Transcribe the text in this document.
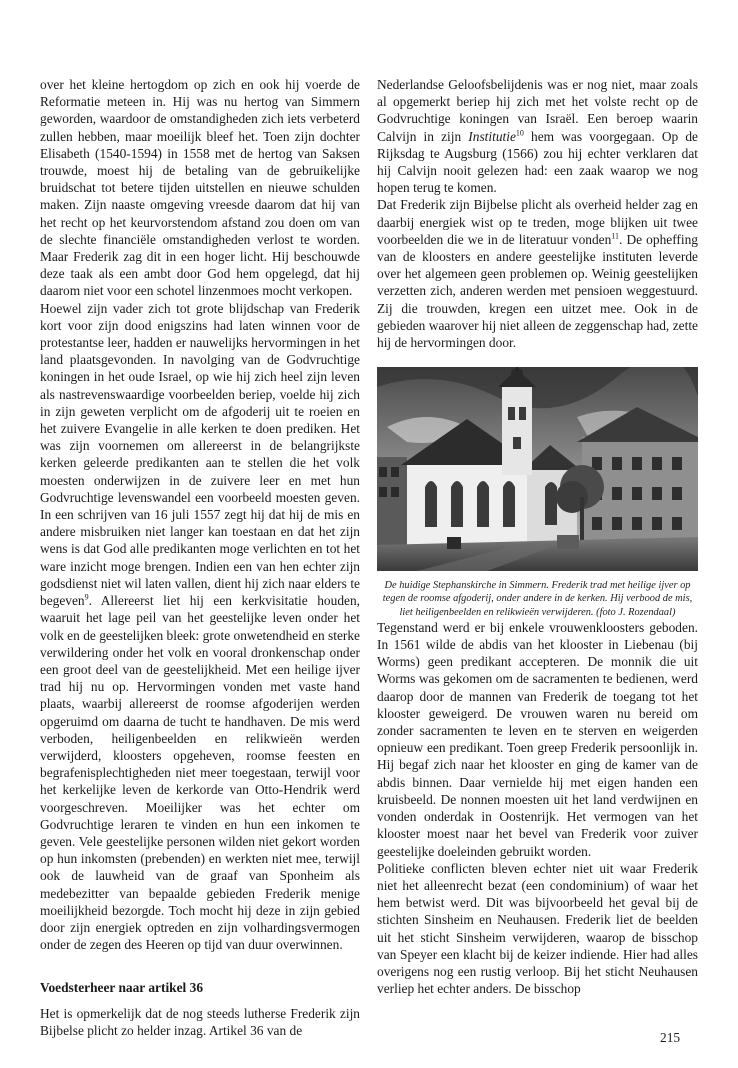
over het kleine hertogdom op zich en ook hij voerde de Reformatie meteen in. Hij was nu hertog van Simmern geworden, waardoor de omstandigheden zich iets verbeterd zullen hebben, maar moeilijk bleef het. Toen zijn dochter Elisabeth (1540-1594) in 1558 met de hertog van Saksen trouwde, moest hij de betaling van de gebruikelijke bruidschat tot betere tijden uitstellen en nieuwe schulden maken. Zijn naaste omgeving vreesde daarom dat hij van het recht op het keurvorstendom afstand zou doen om van de slechte financiële omstandigheden verlost te worden. Maar Frederik zag dit in een hoger licht. Hij beschouwde deze taak als een ambt door God hem opgelegd, dat hij daarom niet voor een schotel linzenmoes mocht verkopen.

Hoewel zijn vader zich tot grote blijdschap van Frederik kort voor zijn dood enigszins had laten winnen voor de protestantse leer, hadden er nauwelijks hervormingen in het land plaatsgevonden. In navolging van de Godvruchtige koningen in het oude Israel, op wie hij zich heel zijn leven als nastrevenswaardige voorbeelden beriep, voelde hij zich in zijn geweten verplicht om de afgoderij uit te roeien en het zuivere Evangelie in alle kerken te doen prediken. Het was zijn voornemen om allereerst in de belangrijkste kerken geleerde predikanten aan te stellen die het volk moesten onderwijzen in de zuivere leer en met hun Godvruchtige levenswandel een voorbeeld moesten geven. In een schrijven van 16 juli 1557 zegt hij dat hij de mis en andere misbruiken niet langer kan toestaan en dat het zijn wens is dat God alle predikanten moge verlichten en tot het ware inzicht moge brengen. Indien een van hen echter zijn godsdienst niet wil laten vallen, dient hij zich naar elders te begeven$^9$. Allereerst liet hij een kerkvisitatie houden, waaruit het lage peil van het geestelijke leven onder het volk en de geestelijken bleek: grote onwetendheid en sterke verwildering onder het volk en vooral dronkenschap onder een groot deel van de geestelijkheid. Met een heilige ijver trad hij nu op. Hervormingen vonden met vaste hand plaats, waarbij allereerst de roomse afgoderijen werden opgeruimd om daarna de tucht te handhaven. De mis werd verboden, heiligenbeelden en relikwieën werden verwijderd, kloosters opgeheven, roomse feesten en begrafenisplechtigheden niet meer toegestaan, terwijl voor het kerkelijke leven de kerkorde van Otto-Hendrik werd voorgeschreven. Moeilijker was het echter om Godvruchtige leraren te vinden en hun een inkomen te geven. Vele geestelijke personen wilden niet gekort worden op hun inkomsten (prebenden) en werkten niet mee, terwijl ook de lauwheid van de graaf van Sponheim als medebezitter van bepaalde gebieden Frederik menige moeilijkheid bezorgde. Toch mocht hij deze in zijn gebied door zijn energiek optreden en zijn volhardingsvermogen onder de zegen des Heeren op tijd van duur overwinnen.

Voedsterheer naar artikel 36

Het is opmerkelijk dat de nog steeds lutherse Frederik zijn Bijbelse plicht zo helder inzag. Artikel 36 van de

Nederlandse Geloofsbelijdenis was er nog niet, maar zoals al opgemerkt beriep hij zich met het volste recht op de Godvruchtige koningen van Israël. Een beroep waarin Calvijn in zijn Institutie$^{10}$ hem was voorgegaan. Op de Rijksdag te Augsburg (1566) zou hij echter verklaren dat hij Calvijn nooit gelezen had: een zaak waarop we nog hopen terug te komen.

Dat Frederik zijn Bijbelse plicht als overheid helder zag en daarbij energiek wist op te treden, moge blijken uit twee voorbeelden die we in de literatuur vonden$^{11}$. De opheffing van de kloosters en andere geestelijke instituten leverde over het algemeen geen problemen op. Weinig geestelijken verzetten zich, anderen werden met pensioen weggestuurd. Zij die trouwden, kregen een uitzet mee. Ook in de gebieden waarover hij niet alleen de zeggenschap had, zette hij de hervormingen door.

De huidige Stephanskirche in Simmern. Frederik trad met heilige ijver op tegen de roomse afgoderij, onder andere in de kerken. Hij verbood de mis, liet heiligenbeelden en relikwieën verwijderen. (foto J. Rozendaal)

Tegenstand werd er bij enkele vrouwenkloosters geboden. In 1561 wilde de abdis van het klooster in Liebenau (bij Worms) geen predikant accepteren. De monnik die uit Worms was gekomen om de sacramenten te bedienen, werd daarop door de mannen van Frederik de toegang tot het klooster geweigerd. De vrouwen waren nu bereid om zonder sacramenten te leven en te sterven en weigerden opnieuw een predikant. Toen greep Frederik persoonlijk in. Hij begaf zich naar het klooster en ging de kamer van de abdis binnen. Daar vernielde hij met eigen handen een kruisbeeld. De nonnen moesten uit het land verdwijnen en vonden onderdak in Oostenrijk. Het vermogen van het klooster moest naar het bevel van Frederik voor zuiver geestelijke doeleinden gebruikt worden.

Politieke conflicten bleven echter niet uit waar Frederik niet het alleenrecht bezat (een condominium) of waar het hem betwist werd. Dit was bijvoorbeeld het geval bij de stichten Sinsheim en Neuhausen. Frederik liet de beelden uit het sticht Sinsheim verwijderen, waarop de bisschop van Speyer een klacht bij de keizer indiende. Hier had alles overigens nog een rustig verloop. Bij het sticht Neuhausen verliep het echter anders. De bisschop

215
